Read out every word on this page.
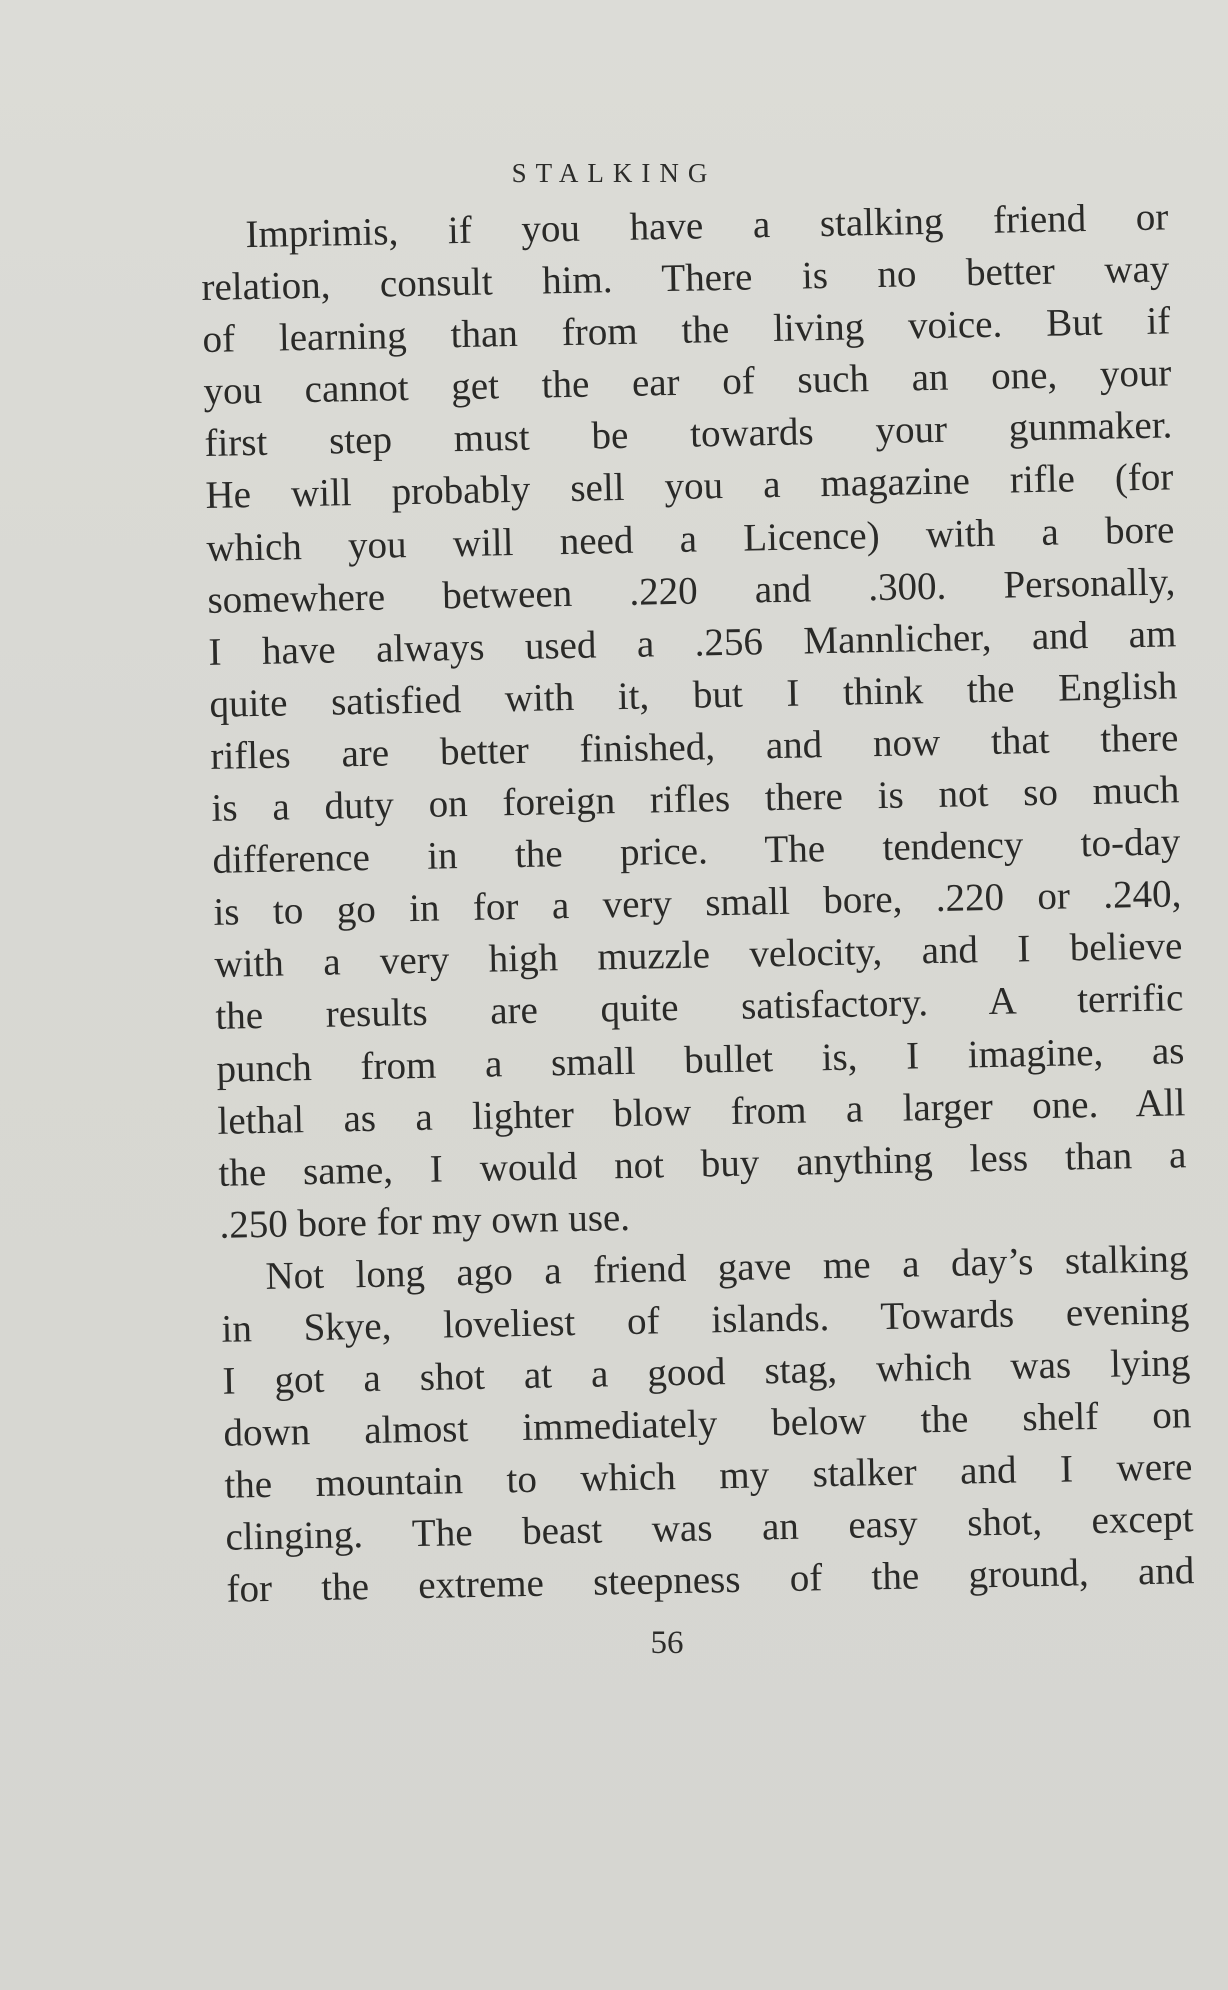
STALKING
Imprimis, if you have a stalking friend or
relation, consult him. There is no better way
of learning than from the living voice. But if
you cannot get the ear of such an one, your
first step must be towards your gunmaker.
He will probably sell you a magazine rifle (for
which you will need a Licence) with a bore
somewhere between .220 and .300. Personally,
I have always used a .256 Mannlicher, and am
quite satisfied with it, but I think the English
rifles are better finished, and now that there
is a duty on foreign rifles there is not so much
difference in the price. The tendency to-day
is to go in for a very small bore, .220 or .240,
with a very high muzzle velocity, and I believe
the results are quite satisfactory. A terrific
punch from a small bullet is, I imagine, as
lethal as a lighter blow from a larger one. All
the same, I would not buy anything less than a
.250 bore for my own use.
Not long ago a friend gave me a day’s stalking
in Skye, loveliest of islands. Towards evening
I got a shot at a good stag, which was lying
down almost immediately below the shelf on
the mountain to which my stalker and I were
clinging. The beast was an easy shot, except
for the extreme steepness of the ground, and
56
